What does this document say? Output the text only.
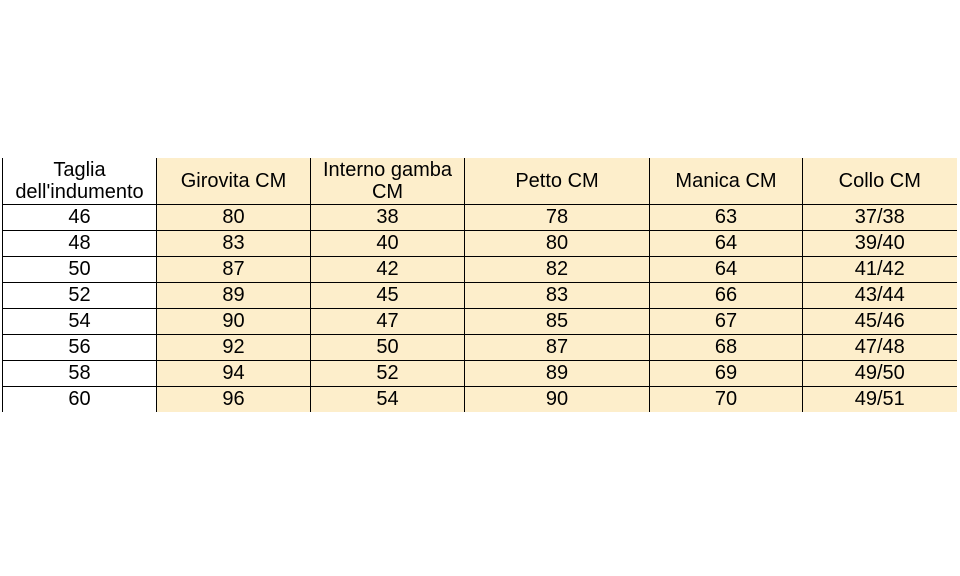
Taglia dell'indumento	Girovita CM	Interno gamba CM	Petto CM	Manica CM	Collo CM
46	80	38	78	63	37/38
48	83	40	80	64	39/40
50	87	42	82	64	41/42
52	89	45	83	66	43/44
54	90	47	85	67	45/46
56	92	50	87	68	47/48
58	94	52	89	69	49/50
60	96	54	90	70	49/51
